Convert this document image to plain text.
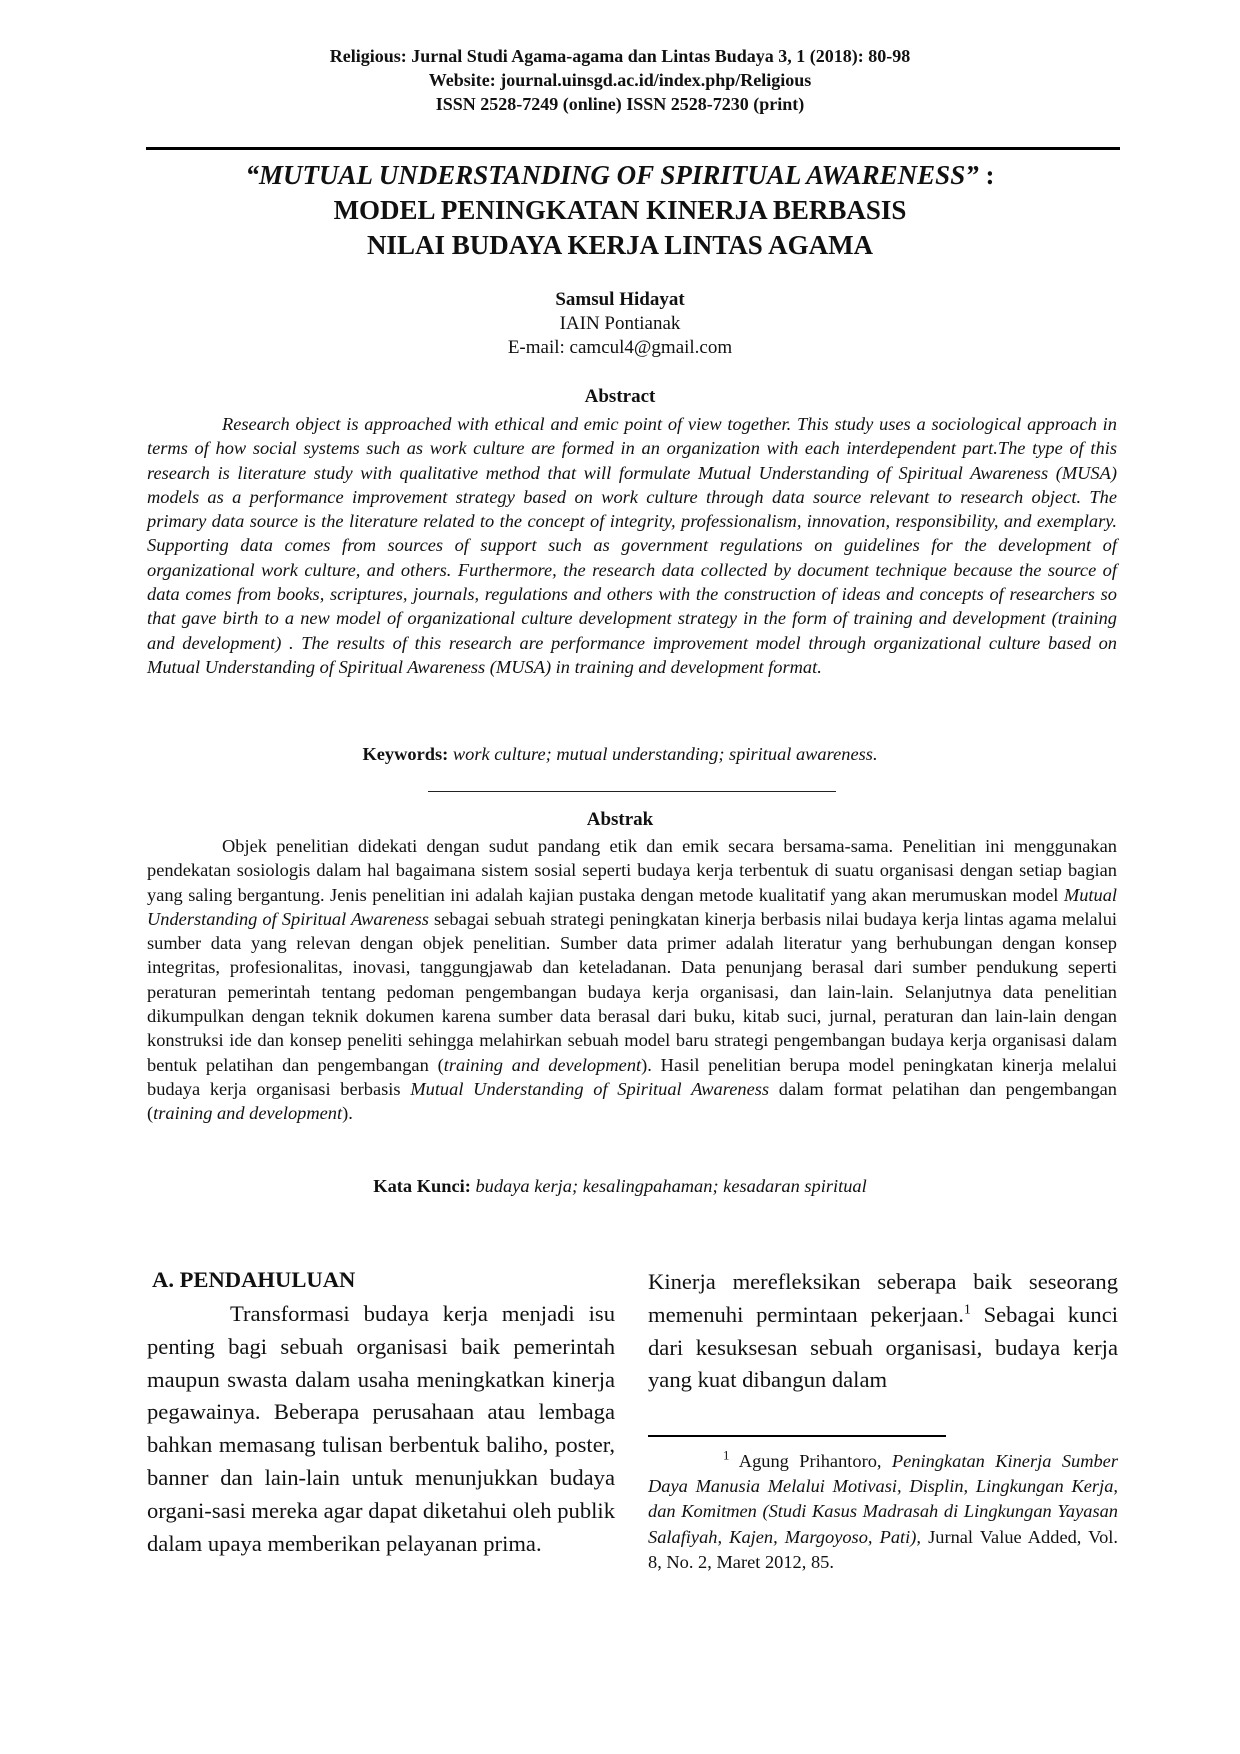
Religious: Jurnal Studi Agama-agama dan Lintas Budaya 3, 1 (2018): 80-98
Website: journal.uinsgd.ac.id/index.php/Religious
ISSN 2528-7249 (online) ISSN 2528-7230 (print)
“MUTUAL UNDERSTANDING OF SPIRITUAL AWARENESS” :
MODEL PENINGKATAN KINERJA BERBASIS
NILAI BUDAYA KERJA LINTAS AGAMA
Samsul Hidayat
IAIN Pontianak
E-mail: camcul4@gmail.com
Abstract

Research object is approached with ethical and emic point of view together. This study uses a sociological approach in terms of how social systems such as work culture are formed in an organization with each interdependent part.The type of this research is literature study with qualitative method that will formulate Mutual Understanding of Spiritual Awareness (MUSA) models as a performance improvement strategy based on work culture through data source relevant to research object. The primary data source is the literature related to the concept of integrity, professionalism, innovation, responsibility, and exemplary. Supporting data comes from sources of support such as government regulations on guidelines for the development of organizational work culture, and others. Furthermore, the research data collected by document technique because the source of data comes from books, scriptures, journals, regulations and others with the construction of ideas and concepts of researchers so that gave birth to a new model of organizational culture development strategy in the form of training and development (training and development) . The results of this research are performance improvement model through organizational culture based on Mutual Understanding of Spiritual Awareness (MUSA) in training and development format.

Keywords: work culture; mutual understanding; spiritual awareness.
Abstrak

Objek penelitian didekati dengan sudut pandang etik dan emik secara bersama-sama. Penelitian ini menggunakan pendekatan sosiologis dalam hal bagaimana sistem sosial seperti budaya kerja terbentuk di suatu organisasi dengan setiap bagian yang saling bergantung. Jenis penelitian ini adalah kajian pustaka dengan metode kualitatif yang akan merumuskan model Mutual Understanding of Spiritual Awareness sebagai sebuah strategi peningkatan kinerja berbasis nilai budaya kerja lintas agama melalui sumber data yang relevan dengan objek penelitian. Sumber data primer adalah literatur yang berhubungan dengan konsep integritas, profesionalitas, inovasi, tanggungjawab dan keteladanan. Data penunjang berasal dari sumber pendukung seperti peraturan pemerintah tentang pedoman pengembangan budaya kerja organisasi, dan lain-lain. Selanjutnya data penelitian dikumpulkan dengan teknik dokumen karena sumber data berasal dari buku, kitab suci, jurnal, peraturan dan lain-lain dengan konstruksi ide dan konsep peneliti sehingga melahirkan sebuah model baru strategi pengembangan budaya kerja organisasi dalam bentuk pelatihan dan pengembangan (training and development). Hasil penelitian berupa model peningkatan kinerja melalui budaya kerja organisasi berbasis Mutual Understanding of Spiritual Awareness dalam format pelatihan dan pengembangan (training and development).

Kata Kunci: budaya kerja; kesalingpahaman; kesadaran spiritual
A. PENDAHULUAN

Transformasi budaya kerja menjadi isu penting bagi sebuah organisasi baik pemerintah maupun swasta dalam usaha meningkatkan kinerja pegawainya. Beberapa perusahaan atau lembaga bahkan memasang tulisan berbentuk baliho, poster, banner dan lain-lain untuk menunjukkan budaya organi-sasi mereka agar dapat diketahui oleh publik dalam upaya memberikan pelayanan prima.

Kinerja merefleksikan seberapa baik seseorang memenuhi permintaan pekerjaan.$^1$ Sebagai kunci dari kesuksesan sebuah organisasi, budaya kerja yang kuat dibangun dalam

$^1$ Agung Prihantoro, Peningkatan Kinerja Sumber Daya Manusia Melalui Motivasi, Displin, Lingkungan Kerja, dan Komitmen (Studi Kasus Madrasah di Lingkungan Yayasan Salafiyah, Kajen, Margoyoso, Pati), Jurnal Value Added, Vol. 8, No. 2, Maret 2012, 85.
